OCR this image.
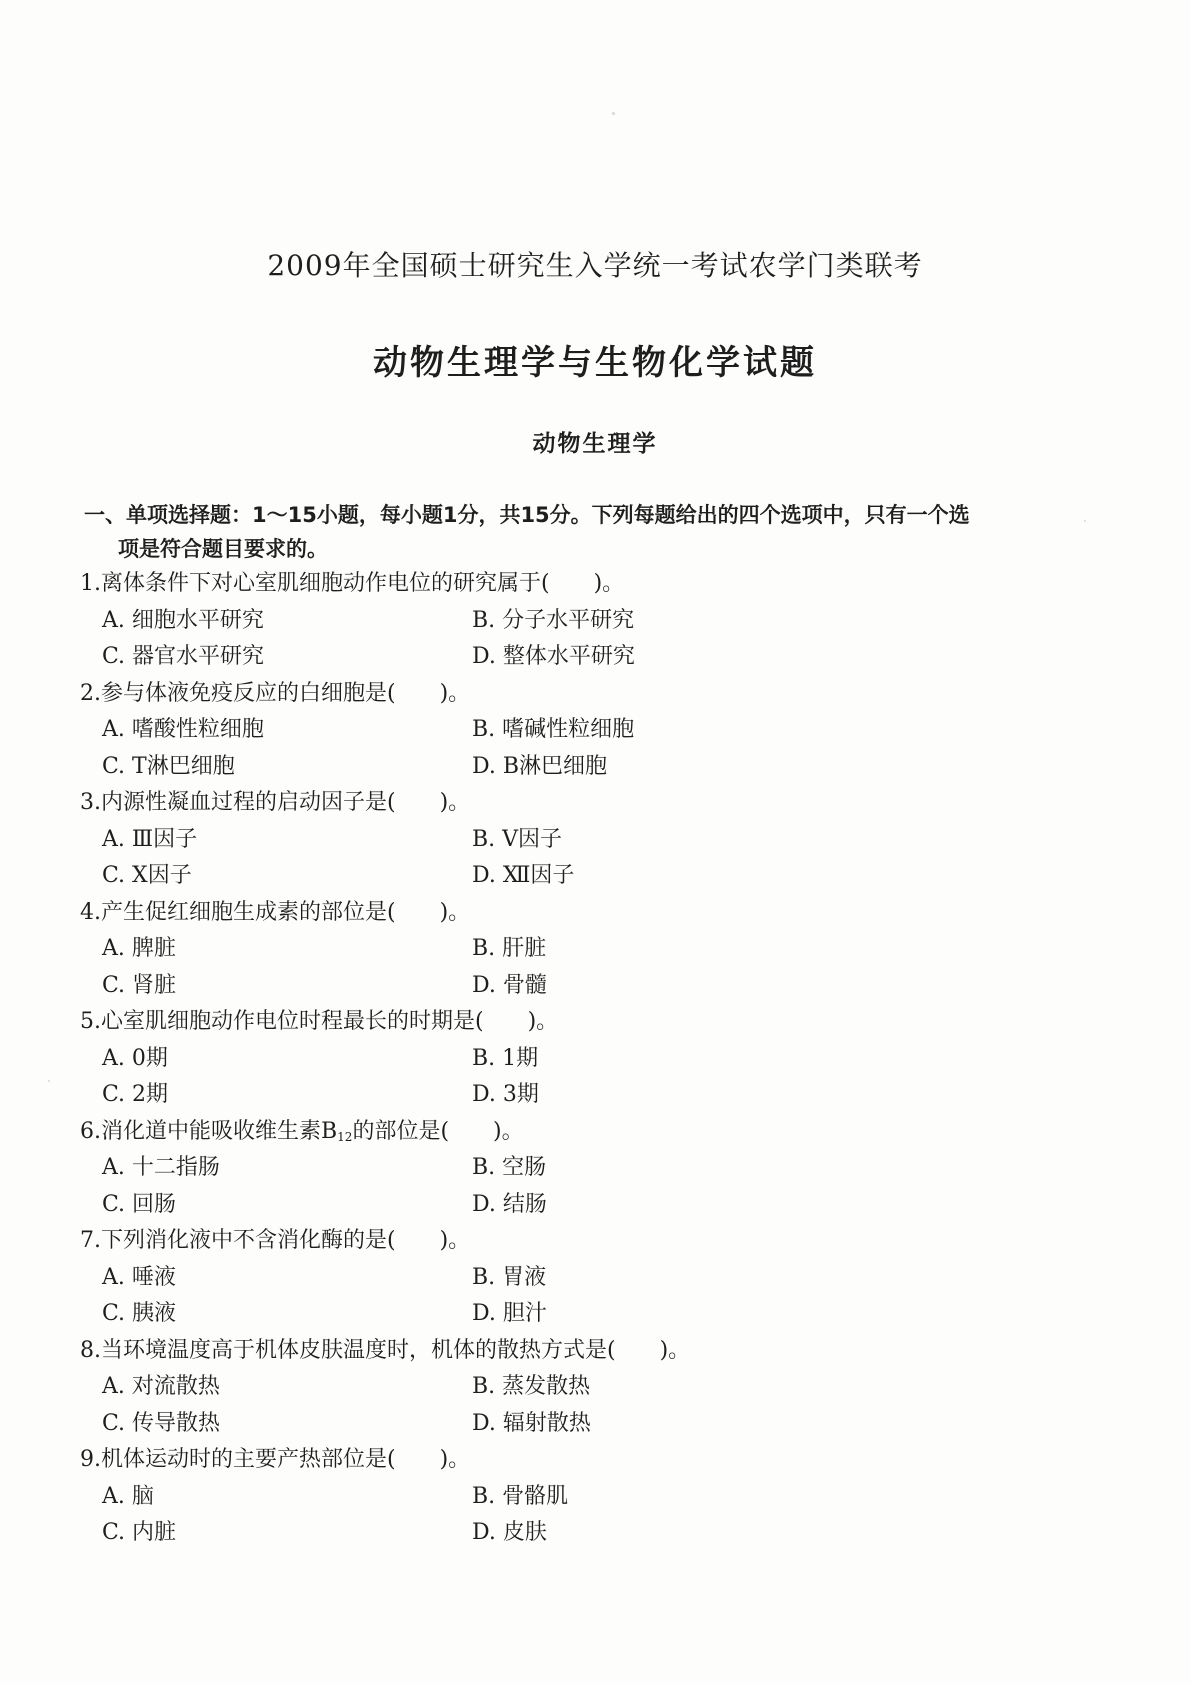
2009年全国硕士研究生入学统一考试农学门类联考
动物生理学与生物化学试题
动物生理学
一、单项选择题：1～15小题，每小题1分，共15分。下列每题给出的四个选项中，只有一个选
项是符合题目要求的。
1.离体条件下对心室肌细胞动作电位的研究属于(　　)。
A. 细胞水平研究	B. 分子水平研究
C. 器官水平研究	D. 整体水平研究
2.参与体液免疫反应的白细胞是(　　)。
A. 嗜酸性粒细胞	B. 嗜碱性粒细胞
C. T淋巴细胞	D. B淋巴细胞
3.内源性凝血过程的启动因子是(　　)。
A. Ⅲ因子	B. Ⅴ因子
C. Ⅹ因子	D. Ⅻ因子
4.产生促红细胞生成素的部位是(　　)。
A. 脾脏	B. 肝脏
C. 肾脏	D. 骨髓
5.心室肌细胞动作电位时程最长的时期是(　　)。
A. 0期	B. 1期
C. 2期	D. 3期
6.消化道中能吸收维生素$B_{12}$的部位是(　　)。
A. 十二指肠	B. 空肠
C. 回肠	D. 结肠
7.下列消化液中不含消化酶的是(　　)。
A. 唾液	B. 胃液
C. 胰液	D. 胆汁
8.当环境温度高于机体皮肤温度时，机体的散热方式是(　　)。
A. 对流散热	B. 蒸发散热
C. 传导散热	D. 辐射散热
9.机体运动时的主要产热部位是(　　)。
A. 脑	B. 骨骼肌
C. 内脏	D. 皮肤
